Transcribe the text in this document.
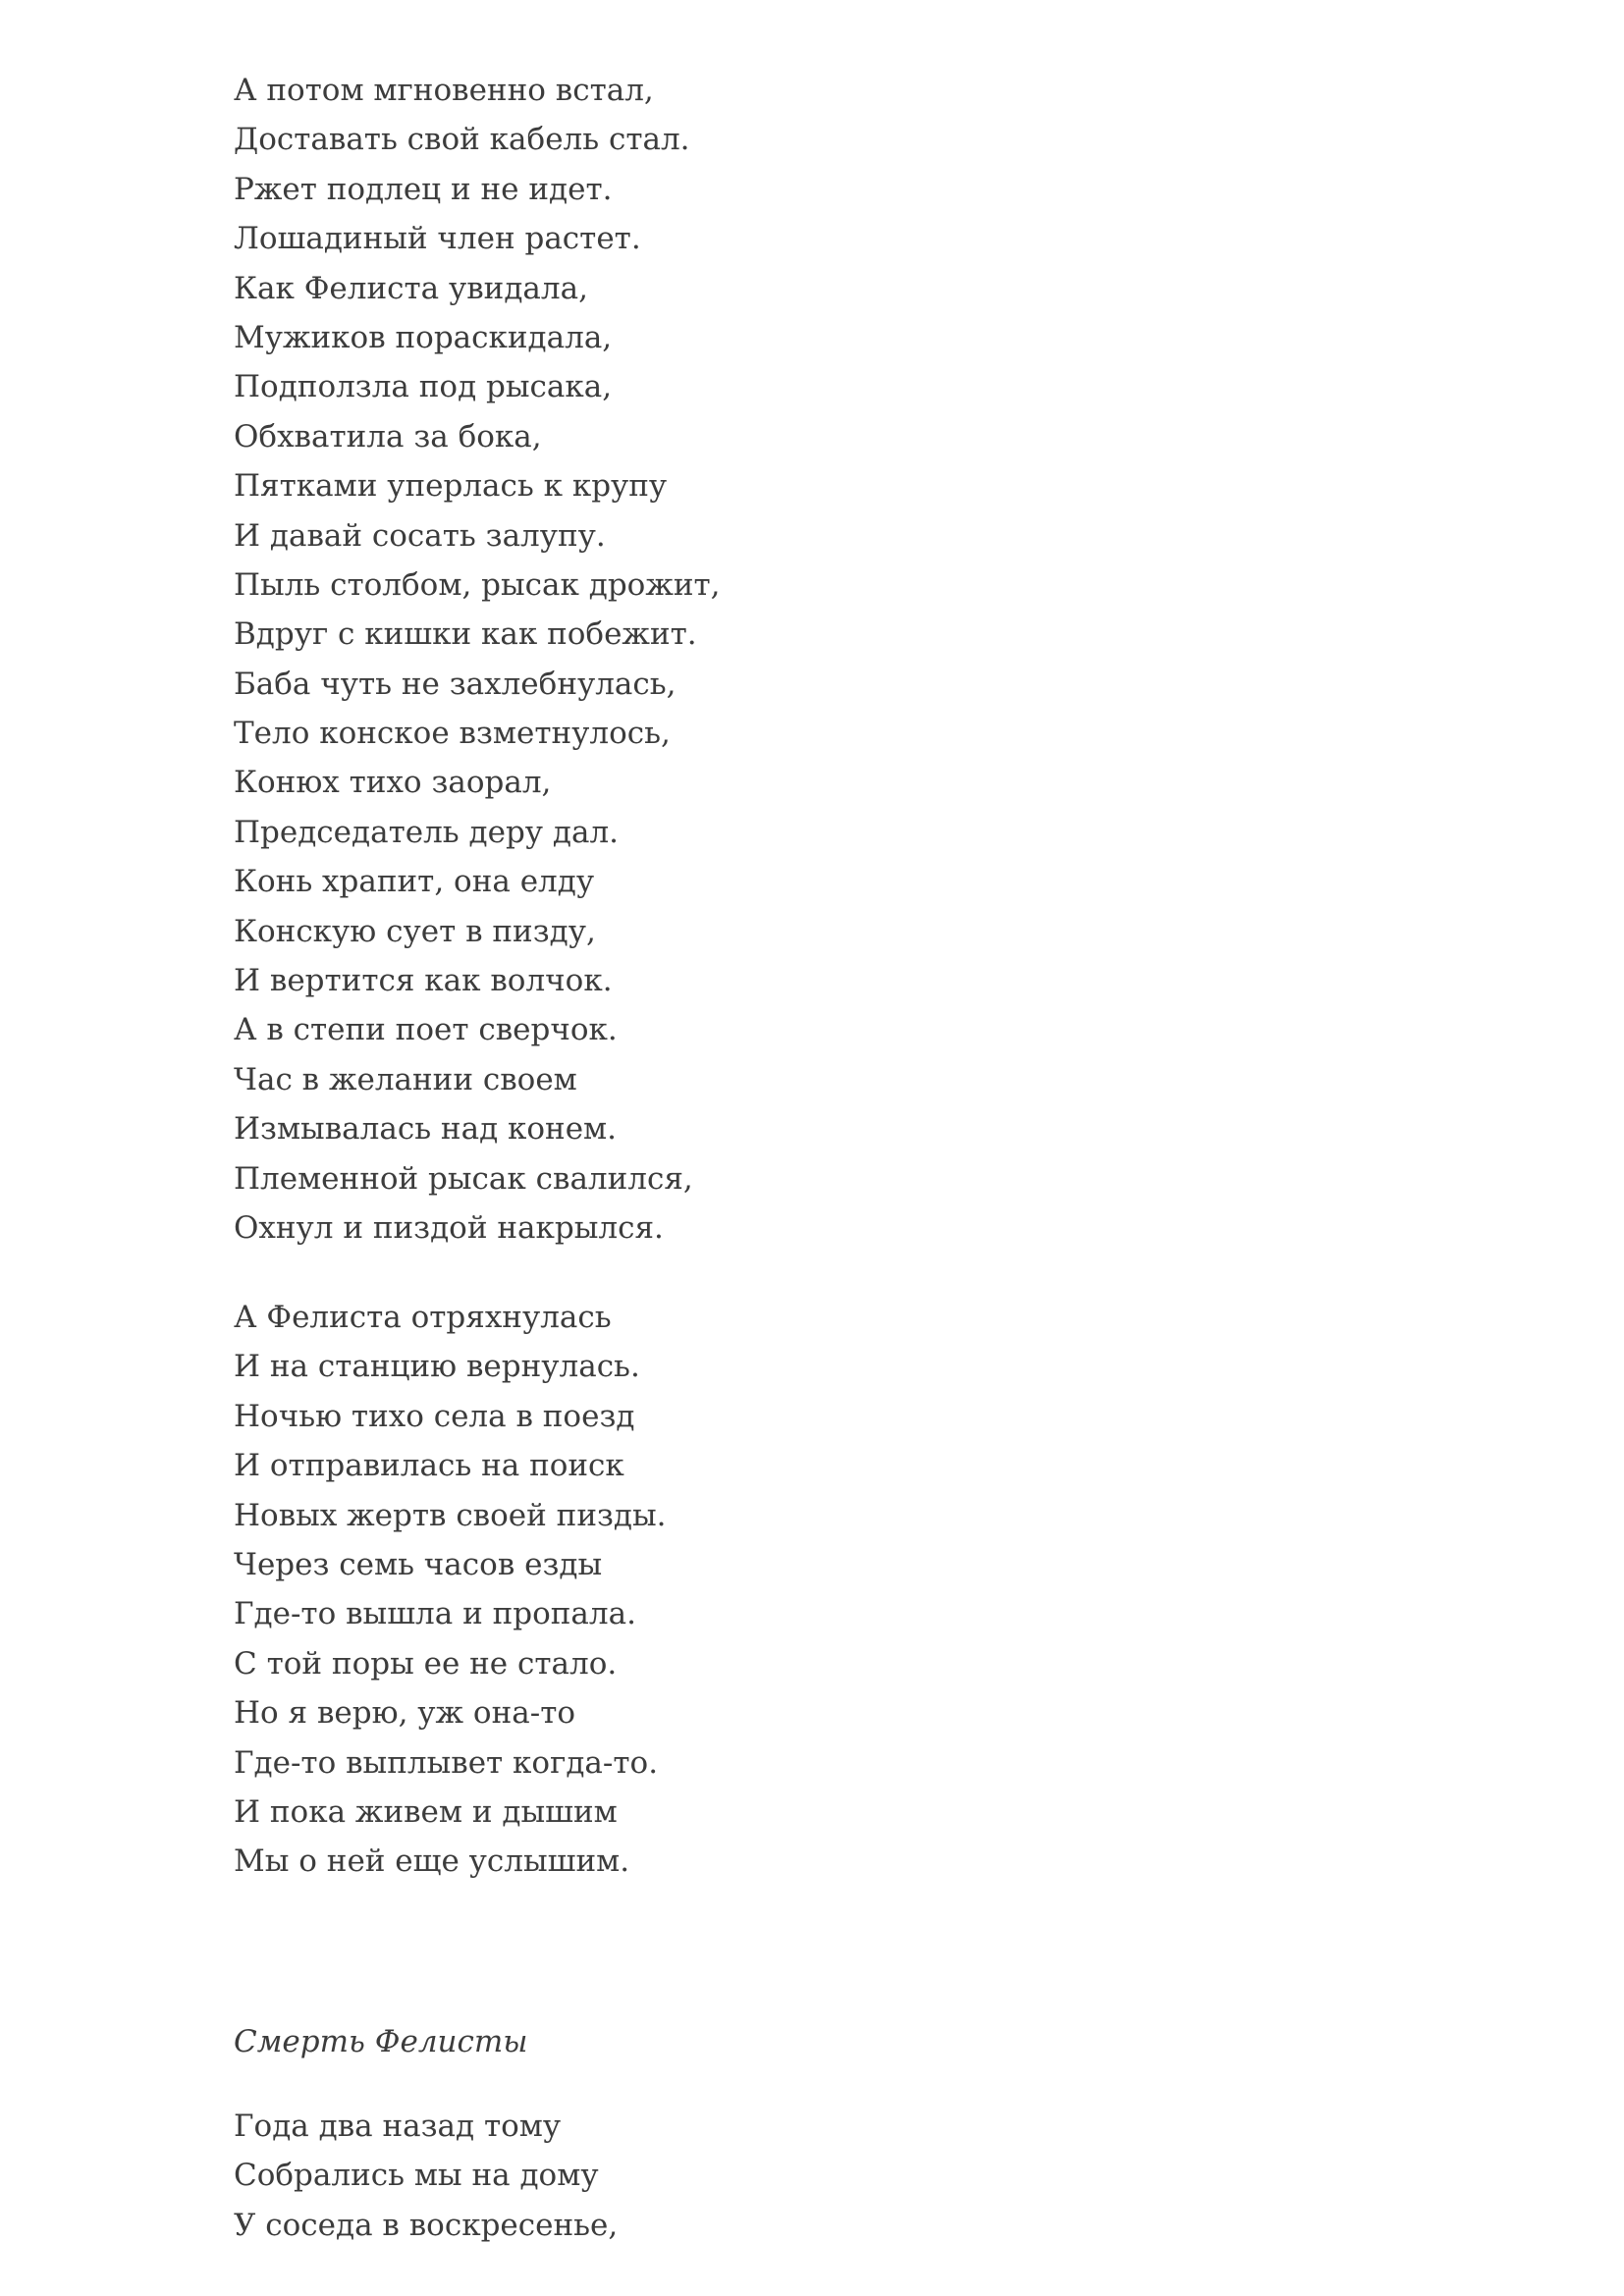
А потом мгновенно встал,
Доставать свой кабель стал.
Ржет подлец и не идет.
Лошадиный член растет.
Как Фелиста увидала,
Мужиков пораскидала,
Подползла под рысака,
Обхватила за бока,
Пятками уперлась к крупу
И давай сосать залупу.
Пыль столбом, рысак дрожит,
Вдруг с кишки как побежит.
Баба чуть не захлебнулась,
Тело конское взметнулось,
Конюх тихо заорал,
Председатель деру дал.
Конь храпит, она елду
Конскую сует в пизду,
И вертится как волчок.
А в степи поет сверчок.
Час в желании своем
Измывалась над конем.
Племенной рысак свалился,
Охнул и пиздой накрылся.
А Фелиста отряхнулась
И на станцию вернулась.
Ночью тихо села в поезд
И отправилась на поиск
Новых жертв своей пизды.
Через семь часов езды
Где-то вышла и пропала.
С той поры ее не стало.
Но я верю, уж она-то
Где-то выплывет когда-то.
И пока живем и дышим
Мы о ней еще услышим.
Смерть Фелисты
Года два назад тому
Собрались мы на дому
У соседа в воскресенье,
